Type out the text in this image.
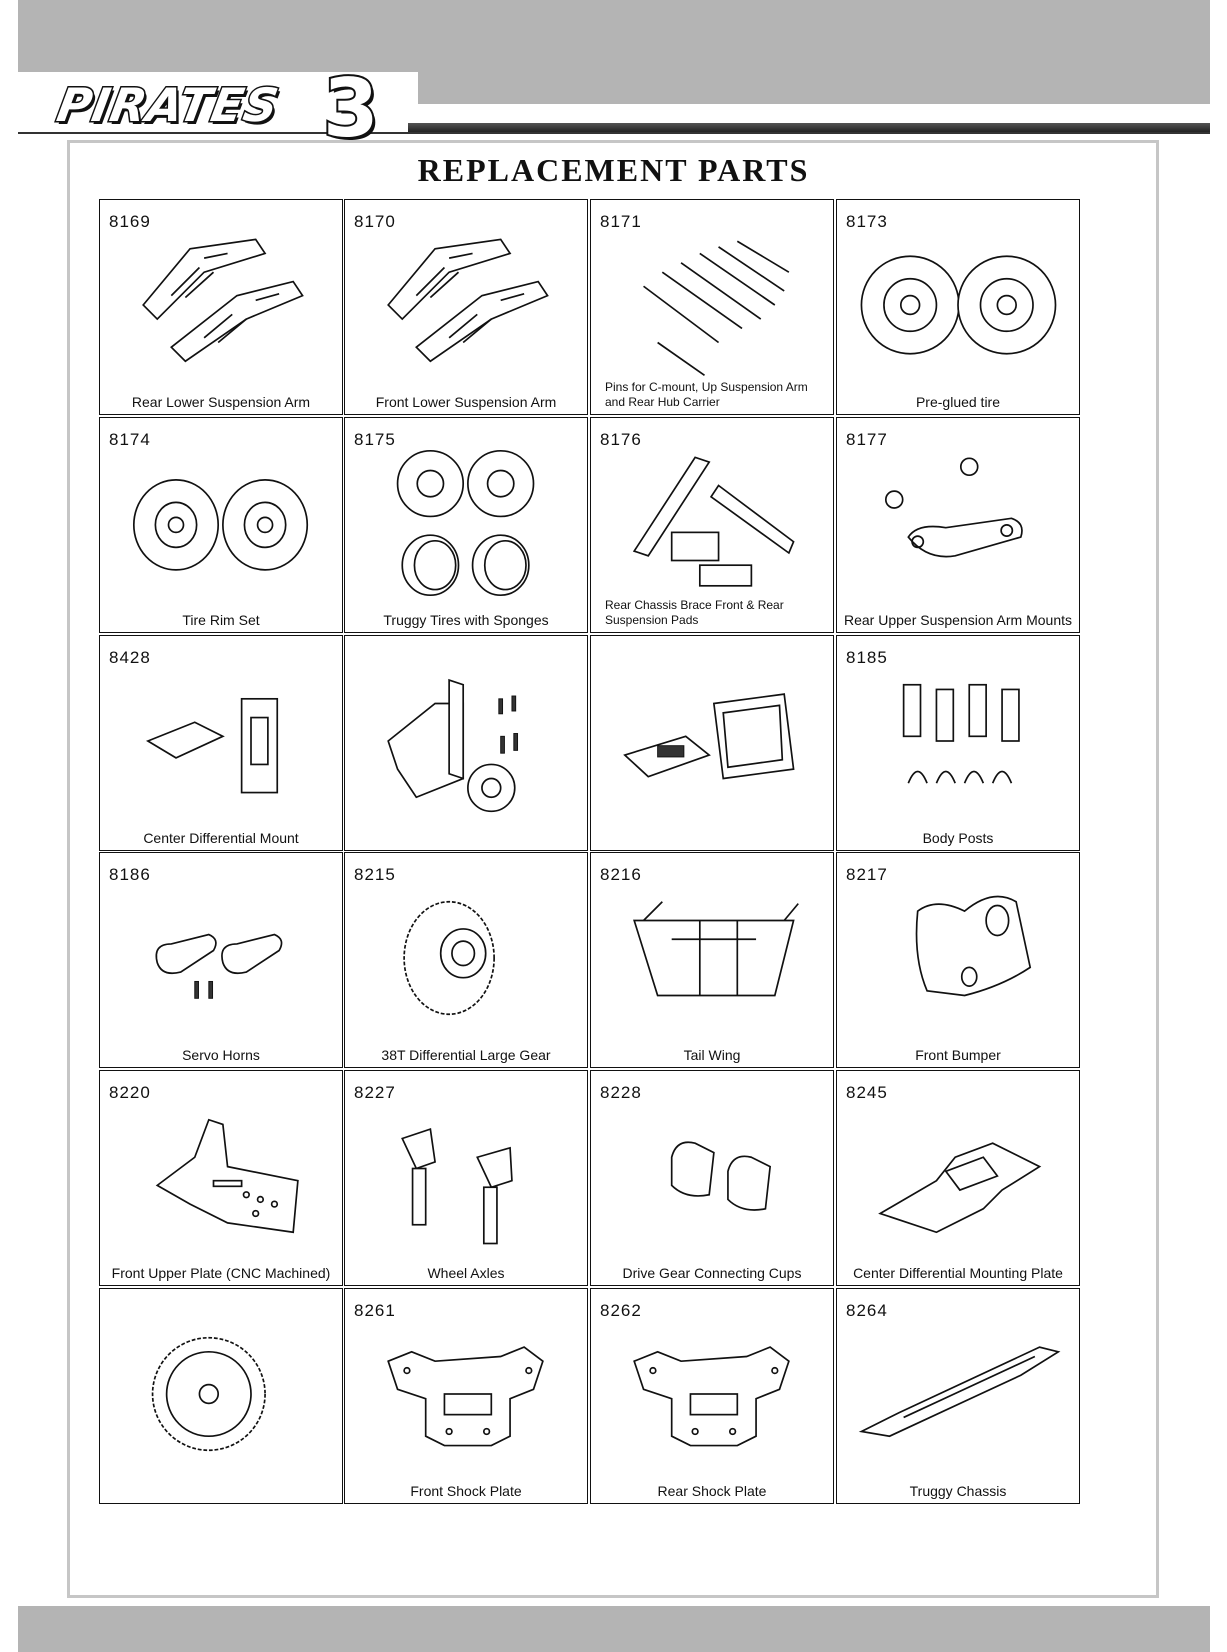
PIRATES 3
REPLACEMENT PARTS
8169
Rear Lower Suspension Arm
8170
Front Lower Suspension Arm
8171
Pins for C-mount, Up Suspension Arm and Rear Hub Carrier
8173
Pre-glued tire
8174
Tire Rim Set
8175
Truggy Tires with Sponges
8176
Rear Chassis Brace Front & Rear Suspension Pads
8177
Rear Upper Suspension Arm Mounts
8428
Center Differential Mount
8185
Body Posts
8186
Servo Horns
8215
38T Differential Large Gear
8216
Tail Wing
8217
Front Bumper
8220
Front Upper Plate (CNC Machined)
8227
Wheel Axles
8228
Drive Gear Connecting Cups
8245
Center Differential Mounting Plate
8261
Front Shock Plate
8262
Rear Shock Plate
8264
Truggy Chassis
